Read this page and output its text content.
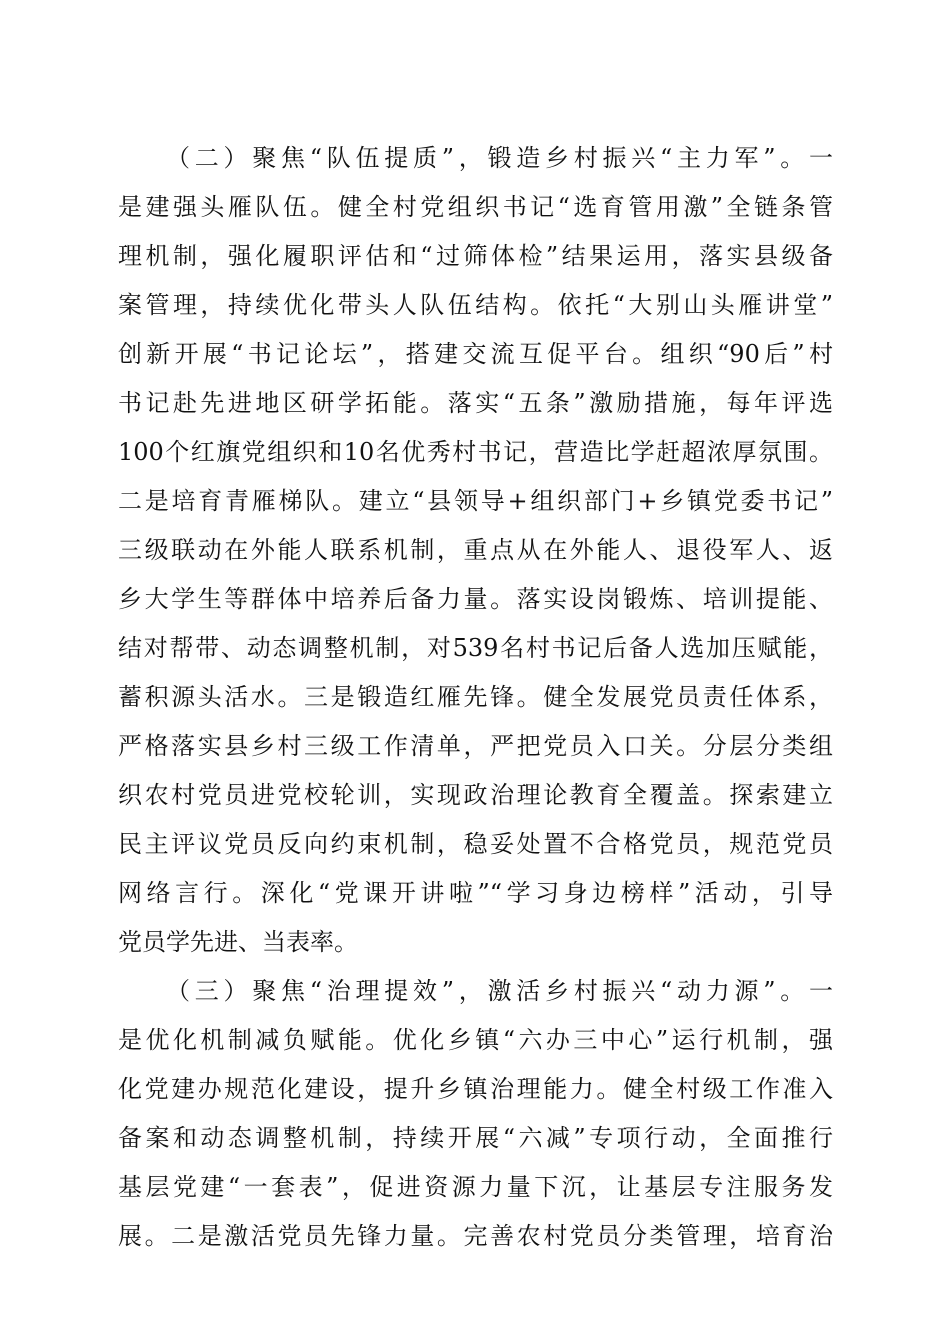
（二）聚焦“队伍提质”，锻造乡村振兴“主力军”。一
是建强头雁队伍。健全村党组织书记“选育管用激”全链条管
理机制，强化履职评估和“过筛体检”结果运用，落实县级备
案管理，持续优化带头人队伍结构。依托“大别山头雁讲堂”
创新开展“书记论坛”，搭建交流互促平台。组织“90后”村
书记赴先进地区研学拓能。落实“五条”激励措施，每年评选
100个红旗党组织和10名优秀村书记，营造比学赶超浓厚氛围。
二是培育青雁梯队。建立“县领导+组织部门+乡镇党委书记”
三级联动在外能人联系机制，重点从在外能人、退役军人、返
乡大学生等群体中培养后备力量。落实设岗锻炼、培训提能、
结对帮带、动态调整机制，对539名村书记后备人选加压赋能，
蓄积源头活水。三是锻造红雁先锋。健全发展党员责任体系，
严格落实县乡村三级工作清单，严把党员入口关。分层分类组
织农村党员进党校轮训，实现政治理论教育全覆盖。探索建立
民主评议党员反向约束机制，稳妥处置不合格党员，规范党员
网络言行。深化“党课开讲啦”“学习身边榜样”活动，引导
党员学先进、当表率。
（三）聚焦“治理提效”，激活乡村振兴“动力源”。一
是优化机制减负赋能。优化乡镇“六办三中心”运行机制，强
化党建办规范化建设，提升乡镇治理能力。健全村级工作准入
备案和动态调整机制，持续开展“六减”专项行动，全面推行
基层党建“一套表”，促进资源力量下沉，让基层专注服务发
展。二是激活党员先锋力量。完善农村党员分类管理，培育治
